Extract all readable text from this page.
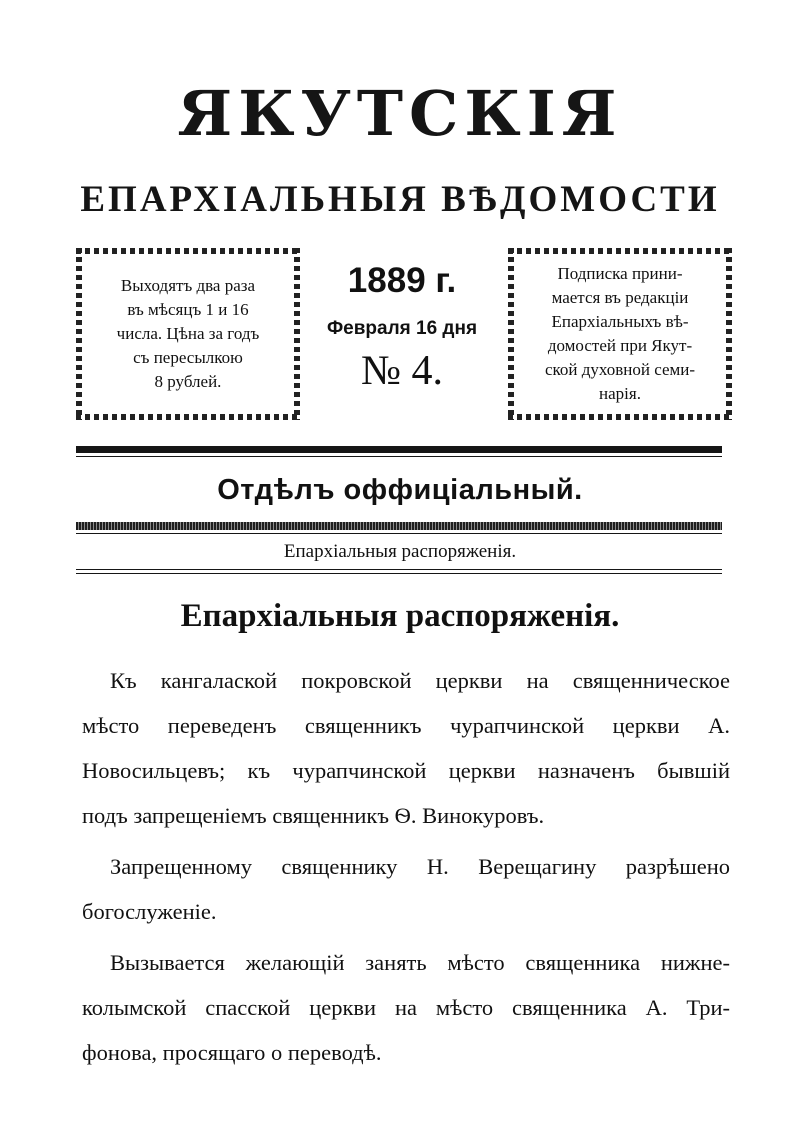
ЯКУТСКІЯ
ЕПАРХІАЛЬНЫЯ ВѢДОМОСТИ

Выходятъ два раза
въ мѣсяцъ 1 и 16
числа. Цѣна за годъ
съ пересылкою
8 рублей.

1889 г.
Февраля 16 дня
№ 4.

Подписка прини-
мается въ редакціи
Епархіальныхъ вѣ-
домостей при Якут-
ской духовной семи-
нарія.

Отдѣлъ оффиціальный.

Епархіальныя распоряженія.

Епархіальныя распоряженія.

Къ кангалаской покровской церкви на священническое
мѣсто переведенъ священникъ чурапчинской церкви А.
Новосильцевъ; къ чурапчинской церкви назначенъ бывшій
подъ запрещеніемъ священникъ Ѳ. Винокуровъ.

Запрещенному священнику Н. Верещагину разрѣшено
богослуженіе.

Вызывается желающій занять мѣсто священника нижне-
колымской спасской церкви на мѣсто священника А. Три-
фонова, просящаго о переводѣ.
